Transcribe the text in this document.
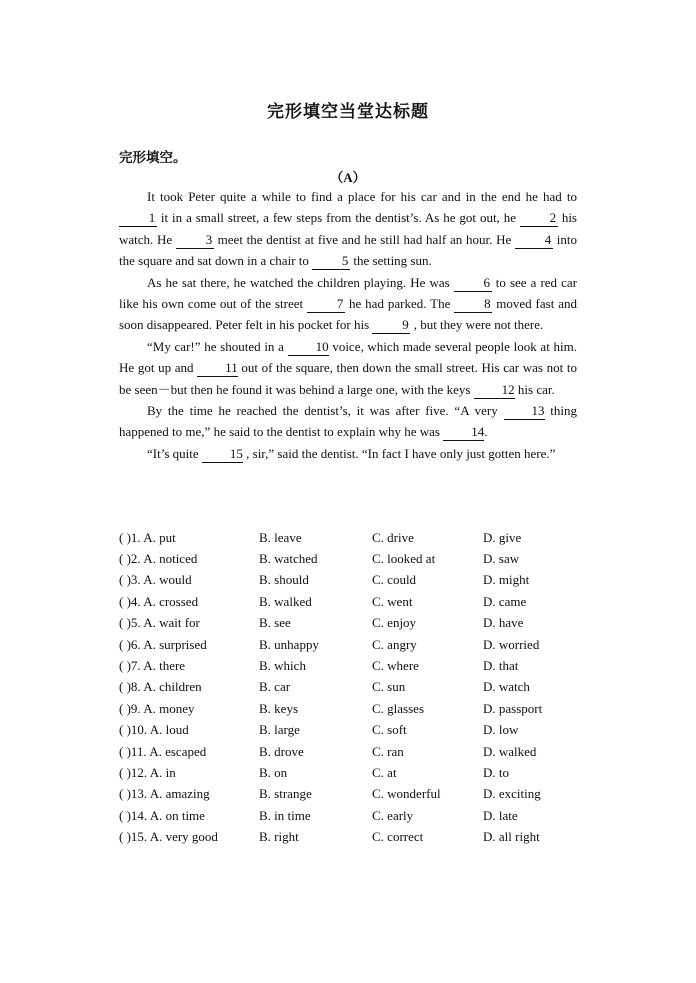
完形填空当堂达标题
完形填空。
（A）

It took Peter quite a while to find a place for his car and in the end he had to 1 it in a small street, a few steps from the dentist’s. As he got out, he 2 his watch. He 3 meet the dentist at five and he still had half an hour. He 4 into the square and sat down in a chair to 5 the setting sun.

As he sat there, he watched the children playing. He was 6 to see a red car like his own come out of the street 7 he had parked. The 8 moved fast and soon disappeared. Peter felt in his pocket for his 9 , but they were not there.

“My car!” he shouted in a 10 voice, which made several people look at him. He got up and 11 out of the square, then down the small street. His car was not to be seen－but then he found it was behind a large one, with the keys 12 his car.

By the time he reached the dentist’s, it was after five. “A very 13 thing happened to me,” he said to the dentist to explain why he was 14.

“It’s quite 15 , sir,” said the dentist. “In fact I have only just gotten here.”

( )1. A. put	B. leave	C. drive	D. give
( )2. A. noticed	B. watched	C. looked at	D. saw
( )3. A. would	B. should	C. could	D. might
( )4. A. crossed	B. walked	C. went	D. came
( )5. A. wait for	B. see	C. enjoy	D. have
( )6. A. surprised	B. unhappy	C. angry	D. worried
( )7. A. there	B. which	C. where	D. that
( )8. A. children	B. car	C. sun	D. watch
( )9. A. money	B. keys	C. glasses	D. passport
( )10. A. loud	B. large	C. soft	D. low
( )11. A. escaped	B. drove	C. ran	D. walked
( )12. A. in	B. on	C. at	D. to
( )13. A. amazing	B. strange	C. wonderful	D. exciting
( )14. A. on time	B. in time	C. early	D. late
( )15. A. very good	B. right	C. correct	D. all right
